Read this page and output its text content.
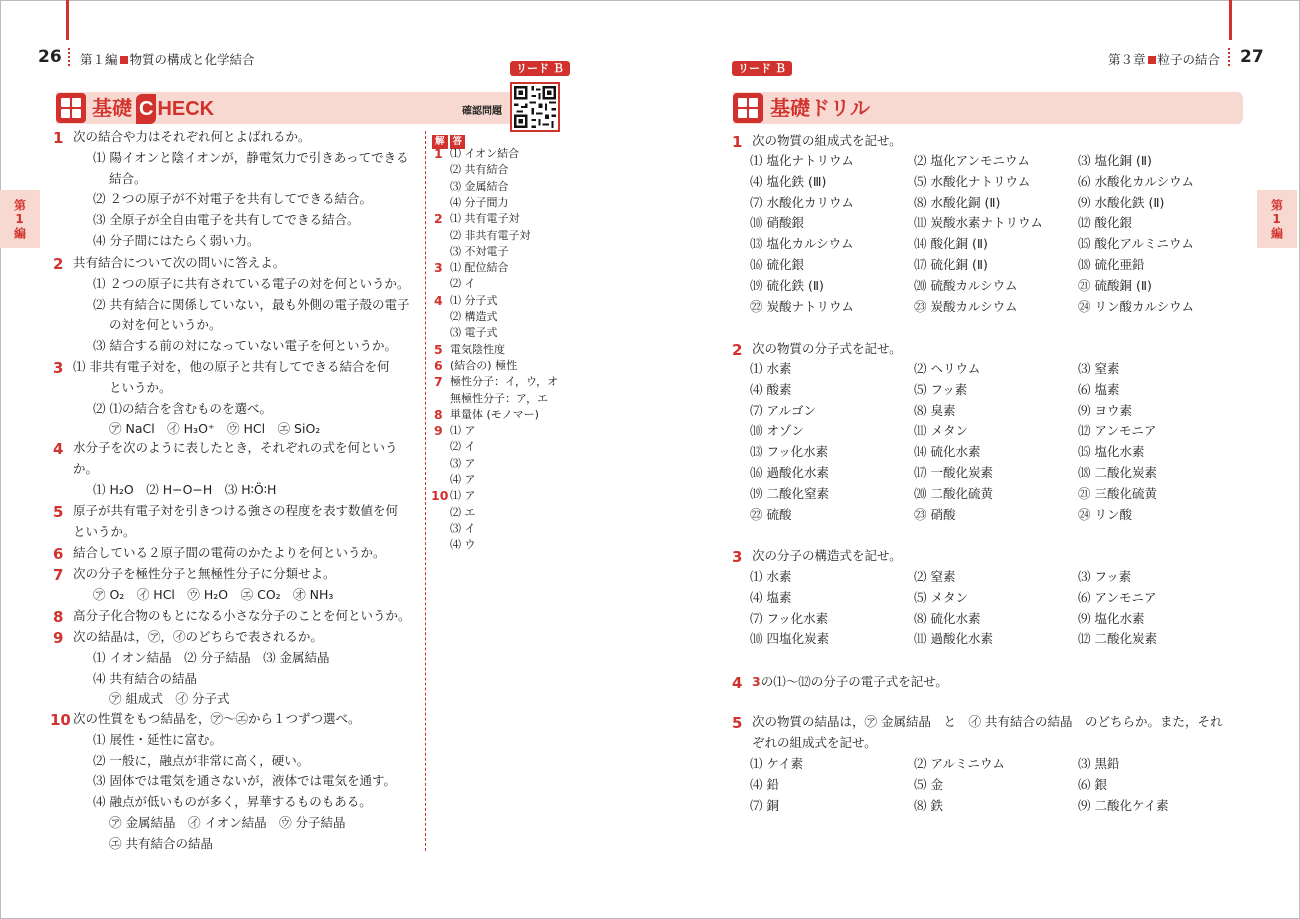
26 第１編 物質の構成と化学結合
リード Ｂ
基礎 C HECK	確認問題
第1編
1 次の結合や力はそれぞれ何とよばれるか。
⑴ 陽イオンと陰イオンが，静電気力で引きあってできる
結合。
⑵ ２つの原子が不対電子を共有してできる結合。
⑶ 全原子が全自由電子を共有してできる結合。
⑷ 分子間にはたらく弱い力。
2 共有結合について次の問いに答えよ。
⑴ ２つの原子に共有されている電子の対を何というか。
⑵ 共有結合に関係していない，最も外側の電子殻の電子
の対を何というか。
⑶ 結合する前の対になっていない電子を何というか。
3 ⑴ 非共有電子対を，他の原子と共有してできる結合を何
というか。
⑵ ⑴の結合を含むものを選べ。
㋐ NaCl　㋑ H₃O⁺　㋒ HCl　㋓ SiO₂
4 水分子を次のように表したとき，それぞれの式を何という
か。
⑴ H₂O　⑵ H−O−H　⑶ H∶Ö∶H
5 原子が共有電子対を引きつける強さの程度を表す数値を何
というか。
6 結合している２原子間の電荷のかたよりを何というか。
7 次の分子を極性分子と無極性分子に分類せよ。
㋐ O₂　㋑ HCl　㋒ H₂O　㋓ CO₂　㋔ NH₃
8 高分子化合物のもとになる小さな分子のことを何というか。
9 次の結晶は，㋐，㋑のどちらで表されるか。
⑴ イオン結晶　⑵ 分子結晶　⑶ 金属結晶
⑷ 共有結合の結晶
㋐ 組成式　㋑ 分子式
10 次の性質をもつ結晶を，㋐～㋓から１つずつ選べ。
⑴ 展性・延性に富む。
⑵ 一般に，融点が非常に高く，硬い。
⑶ 固体では電気を通さないが，液体では電気を通す。
⑷ 融点が低いものが多く，昇華するものもある。
㋐ 金属結晶　㋑ イオン結晶　㋒ 分子結晶
㋓ 共有結合の結晶
解 答
1 ⑴ イオン結合
⑵ 共有結合
⑶ 金属結合
⑷ 分子間力
2 ⑴ 共有電子対
⑵ 非共有電子対
⑶ 不対電子
3 ⑴ 配位結合
⑵ イ
4 ⑴ 分子式
⑵ 構造式
⑶ 電子式
5 電気陰性度
6 (結合の) 極性
7 極性分子：イ，ウ，オ
無極性分子：ア，エ
8 単量体 (モノマー)
9 ⑴ ア
⑵ イ
⑶ ア
⑷ ア
10 ⑴ ア
⑵ エ
⑶ イ
⑷ ウ
27
第３章 粒子の結合
リード Ｂ
基礎ドリル
第1編
1 次の物質の組成式を記せ。
⑴ 塩化ナトリウム	⑵ 塩化アンモニウム	⑶ 塩化銅 (Ⅱ)
⑷ 塩化鉄 (Ⅲ)	⑸ 水酸化ナトリウム	⑹ 水酸化カルシウム
⑺ 水酸化カリウム	⑻ 水酸化銅 (Ⅱ)	⑼ 水酸化鉄 (Ⅱ)
⑽ 硝酸銀	⑾ 炭酸水素ナトリウム	⑿ 酸化銀
⒀ 塩化カルシウム	⒁ 酸化銅 (Ⅱ)	⒂ 酸化アルミニウム
⒃ 硫化銀	⒄ 硫化銅 (Ⅱ)	⒅ 硫化亜鉛
⒆ 硫化鉄 (Ⅱ)	⒇ 硫酸カルシウム	㉑ 硫酸銅 (Ⅱ)
㉒ 炭酸ナトリウム	㉓ 炭酸カルシウム	㉔ リン酸カルシウム
2 次の物質の分子式を記せ。
⑴ 水素	⑵ ヘリウム	⑶ 窒素
⑷ 酸素	⑸ フッ素	⑹ 塩素
⑺ アルゴン	⑻ 臭素	⑼ ヨウ素
⑽ オゾン	⑾ メタン	⑿ アンモニア
⒀ フッ化水素	⒁ 硫化水素	⒂ 塩化水素
⒃ 過酸化水素	⒄ 一酸化炭素	⒅ 二酸化炭素
⒆ 二酸化窒素	⒇ 二酸化硫黄	㉑ 三酸化硫黄
㉒ 硫酸	㉓ 硝酸	㉔ リン酸
3 次の分子の構造式を記せ。
⑴ 水素	⑵ 窒素	⑶ フッ素
⑷ 塩素	⑸ メタン	⑹ アンモニア
⑺ フッ化水素	⑻ 硫化水素	⑼ 塩化水素
⑽ 四塩化炭素	⑾ 過酸化水素	⑿ 二酸化炭素
4 3の⑴～⑿の分子の電子式を記せ。
5 次の物質の結晶は，㋐ 金属結晶　と　㋑ 共有結合の結晶　のどちらか。また，それ
ぞれの組成式を記せ。
⑴ ケイ素	⑵ アルミニウム	⑶ 黒鉛
⑷ 鉛	⑸ 金	⑹ 銀
⑺ 銅	⑻ 鉄	⑼ 二酸化ケイ素
